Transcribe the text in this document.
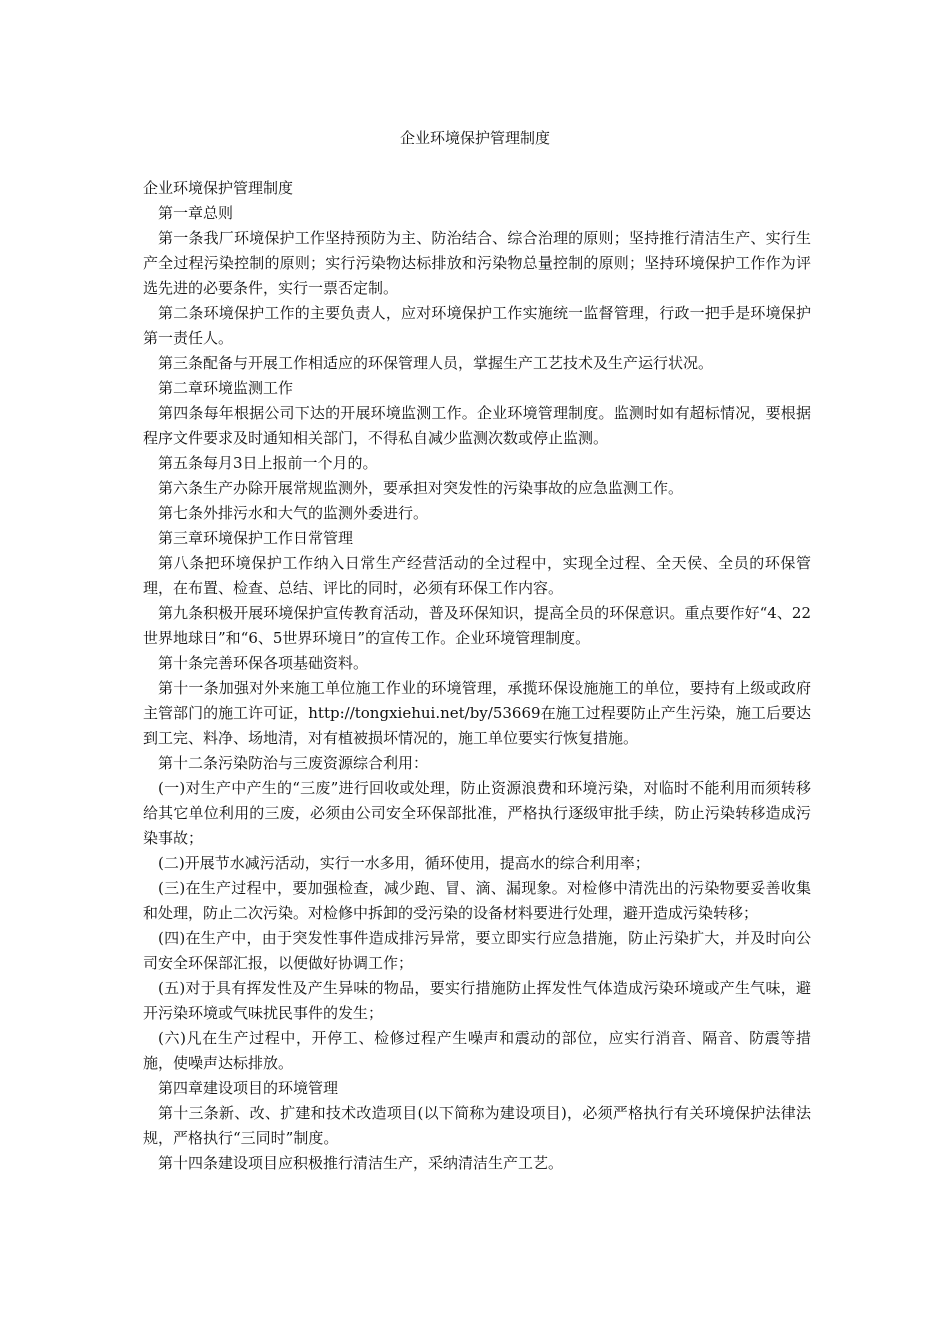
企业环境保护管理制度

企业环境保护管理制度

第一章总则

第一条我厂环境保护工作坚持预防为主、防治结合、综合治理的原则；坚持推行清洁生产、实行生产全过程污染控制的原则；实行污染物达标排放和污染物总量控制的原则；坚持环境保护工作作为评选先进的必要条件，实行一票否定制。

第二条环境保护工作的主要负责人，应对环境保护工作实施统一监督管理，行政一把手是环境保护第一责任人。

第三条配备与开展工作相适应的环保管理人员，掌握生产工艺技术及生产运行状况。

第二章环境监测工作

第四条每年根据公司下达的开展环境监测工作。企业环境管理制度。监测时如有超标情况，要根据程序文件要求及时通知相关部门，不得私自减少监测次数或停止监测。

第五条每月3日上报前一个月的。

第六条生产办除开展常规监测外，要承担对突发性的污染事故的应急监测工作。

第七条外排污水和大气的监测外委进行。

第三章环境保护工作日常管理

第八条把环境保护工作纳入日常生产经营活动的全过程中，实现全过程、全天侯、全员的环保管理，在布置、检查、总结、评比的同时，必须有环保工作内容。

第九条积极开展环境保护宣传教育活动，普及环保知识，提高全员的环保意识。重点要作好“4、22世界地球日”和“6、5世界环境日”的宣传工作。企业环境管理制度。

第十条完善环保各项基础资料。

第十一条加强对外来施工单位施工作业的环境管理，承揽环保设施施工的单位，要持有上级或政府主管部门的施工许可证，http://tongxiehui.net/by/53669在施工过程要防止产生污染，施工后要达到工完、料净、场地清，对有植被损坏情况的，施工单位要实行恢复措施。

第十二条污染防治与三废资源综合利用：

(一)对生产中产生的“三废”进行回收或处理，防止资源浪费和环境污染，对临时不能利用而须转移给其它单位利用的三废，必须由公司安全环保部批准，严格执行逐级审批手续，防止污染转移造成污染事故；

(二)开展节水减污活动，实行一水多用，循环使用，提高水的综合利用率；

(三)在生产过程中，要加强检查，减少跑、冒、滴、漏现象。对检修中清洗出的污染物要妥善收集和处理，防止二次污染。对检修中拆卸的受污染的设备材料要进行处理，避开造成污染转移；

(四)在生产中，由于突发性事件造成排污异常，要立即实行应急措施，防止污染扩大，并及时向公司安全环保部汇报，以便做好协调工作；

(五)对于具有挥发性及产生异味的物品，要实行措施防止挥发性气体造成污染环境或产生气味，避开污染环境或气味扰民事件的发生；

(六)凡在生产过程中，开停工、检修过程产生噪声和震动的部位，应实行消音、隔音、防震等措施，使噪声达标排放。

第四章建设项目的环境管理

第十三条新、改、扩建和技术改造项目(以下简称为建设项目)，必须严格执行有关环境保护法律法规，严格执行“三同时”制度。

第十四条建设项目应积极推行清洁生产，采纳清洁生产工艺。
